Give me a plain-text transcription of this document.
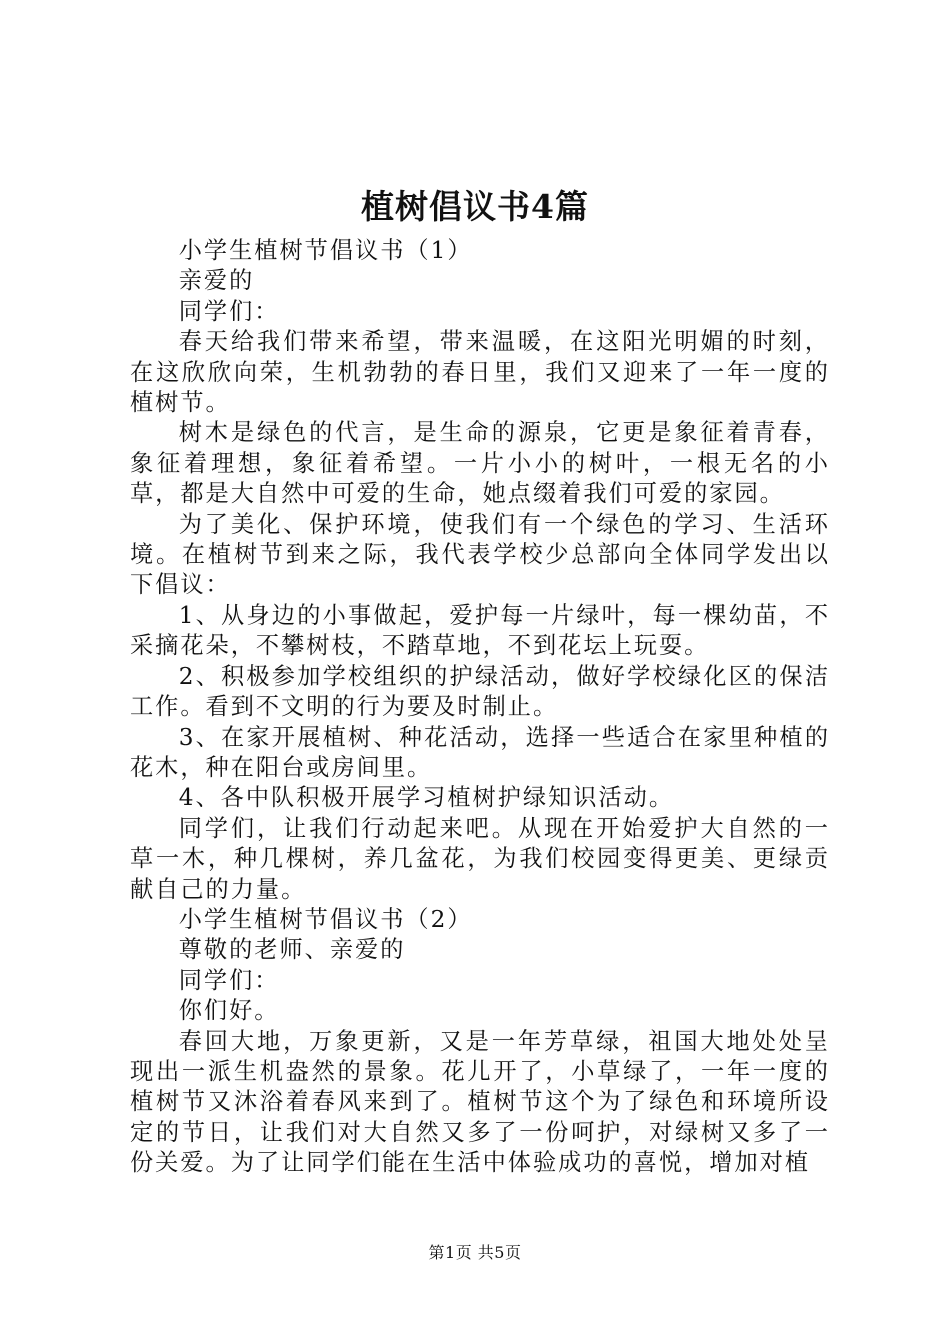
植树倡议书4篇

小学生植树节倡议书（1）

亲爱的

同学们：

春天给我们带来希望，带来温暖，在这阳光明媚的时刻，在这欣欣向荣，生机勃勃的春日里，我们又迎来了一年一度的植树节。

树木是绿色的代言，是生命的源泉，它更是象征着青春，象征着理想，象征着希望。一片小小的树叶，一根无名的小草，都是大自然中可爱的生命，她点缀着我们可爱的家园。

为了美化、保护环境，使我们有一个绿色的学习、生活环境。在植树节到来之际，我代表学校少总部向全体同学发出以下倡议：

1、从身边的小事做起，爱护每一片绿叶，每一棵幼苗，不采摘花朵，不攀树枝，不踏草地，不到花坛上玩耍。

2、积极参加学校组织的护绿活动，做好学校绿化区的保洁工作。看到不文明的行为要及时制止。

3、在家开展植树、种花活动，选择一些适合在家里种植的花木，种在阳台或房间里。

4、各中队积极开展学习植树护绿知识活动。

同学们，让我们行动起来吧。从现在开始爱护大自然的一草一木，种几棵树，养几盆花，为我们校园变得更美、更绿贡献自己的力量。

小学生植树节倡议书（2）

尊敬的老师、亲爱的

同学们：

你们好。

春回大地，万象更新，又是一年芳草绿，祖国大地处处呈现出一派生机盎然的景象。花儿开了，小草绿了，一年一度的植树节又沐浴着春风来到了。植树节这个为了绿色和环境所设定的节日，让我们对大自然又多了一份呵护，对绿树又多了一份关爱。为了让同学们能在生活中体验成功的喜悦，增加对植

第1页 共5页
